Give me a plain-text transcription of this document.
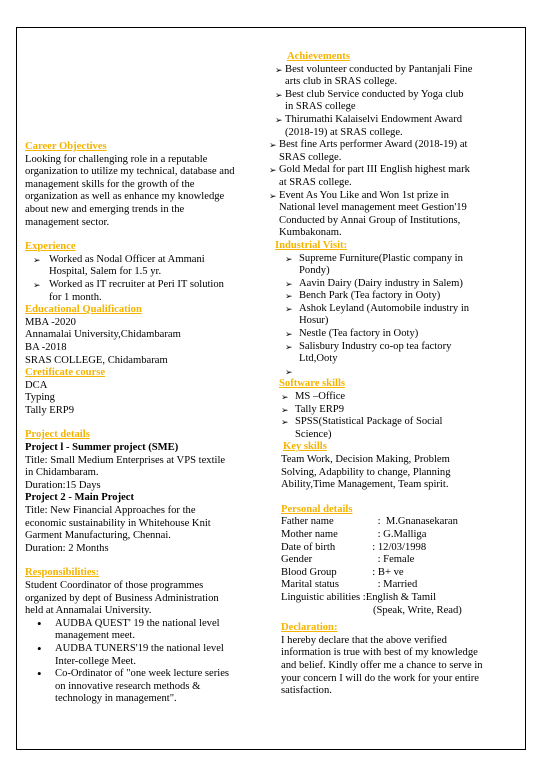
Career Objectives

Looking for challenging role in a reputable

organization to utilize my technical, database and

management skills for the growth of the

organization as well as enhance my knowledge

about new and emerging trends in the

management sector.

Experience

➢ Worked as Nodal Officer at Ammani

Hospital, Salem for 1.5 yr.

➢ Worked as IT recruiter at Peri IT solution

for 1 month.

Educational Qualification

MBA -2020

Annamalai University,Chidambaram

BA -2018

SRAS COLLEGE, Chidambaram

Cretificate course

DCA

Typing

Tally ERP9

Project details

Project l - Summer project (SME)

Title: Small Medium Enterprises at VPS textile

in Chidambaram.

Duration:15 Days

Project 2 - Main Project

Title: New Financial Approaches for the

economic sustainability in Whitehouse Knit

Garment Manufacturing, Chennai.

Duration: 2 Months

Responsibilities:

Student Coordinator of those programmes

organized by dept of Business Administration

held at Annamalai University.

• AUDBA QUEST' 19 the national level

management meet.

• AUDBA TUNERS'19 the national level

Inter-college Meet.

• Co-Ordinator of "one week lecture series

on innovative research methods &

technology in management".

Achievements

➢ Best volunteer conducted by Pantanjali Fine

arts club in SRAS college.

➢ Best club Service conducted by Yoga club

in SRAS college

➢ Thirumathi Kalaiselvi Endowment Award

(2018-19) at SRAS college.

➢ Best fine Arts performer Award (2018-19) at

SRAS college.

➢ Gold Medal for part III English highest mark

at SRAS college.

➢ Event As You Like and Won 1st prize in

National level management meet Gestion'19

Conducted by Annai Group of Institutions,

Kumbakonam.

Industrial Visit:

➢ Supreme Furniture(Plastic company in

Pondy)

➢ Aavin Dairy (Dairy industry in Salem)

➢ Bench Park (Tea factory in Ooty)

➢ Ashok Leyland (Automobile industry in

Hosur)

➢ Nestle (Tea factory in Ooty)

➢ Salisbury Industry co-op tea factory

Ltd,Ooty

➢

Software skills

➢ MS –Office

➢ Tally ERP9

➢ SPSS(Statistical Package of Social

Science)

Key skills

Team Work, Decision Making, Problem

Solving, Adapbility to change, Planning

Ability,Time Management, Team spirit.

Personal details
Father name	:  M.Gnanasekaran
Mother name	: G.Malliga
Date of birth	: 12/03/1998
Gender	: Female
Blood Group	: B+ ve
Marital status	: Married

Linguistic abilities :English & Tamil

(Speak, Write, Read)

Declaration:

I hereby declare that the above verified

information is true with best of my knowledge

and belief. Kindly offer me a chance to serve in

your concern I will do the work for your entire

satisfaction.
